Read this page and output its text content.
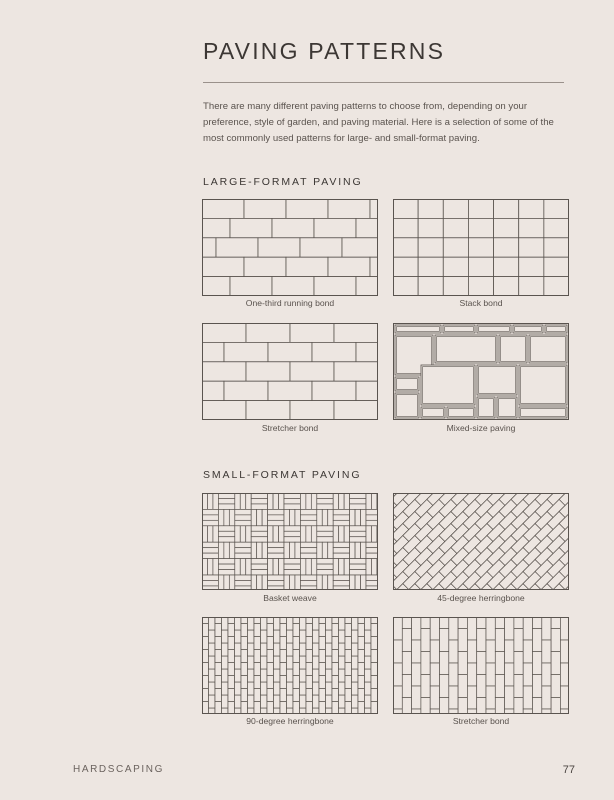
PAVING PATTERNS

There are many different paving patterns to choose from, depending on your preference, style of garden, and paving material. Here is a selection of some of the most commonly used patterns for large- and small-format paving.

LARGE-FORMAT PAVING
One-third running bond	Stack bond
Stretcher bond	Mixed-size paving
SMALL-FORMAT PAVING
Basket weave	45-degree herringbone
90-degree herringbone	Stretcher bond
HARDSCAPING	77
